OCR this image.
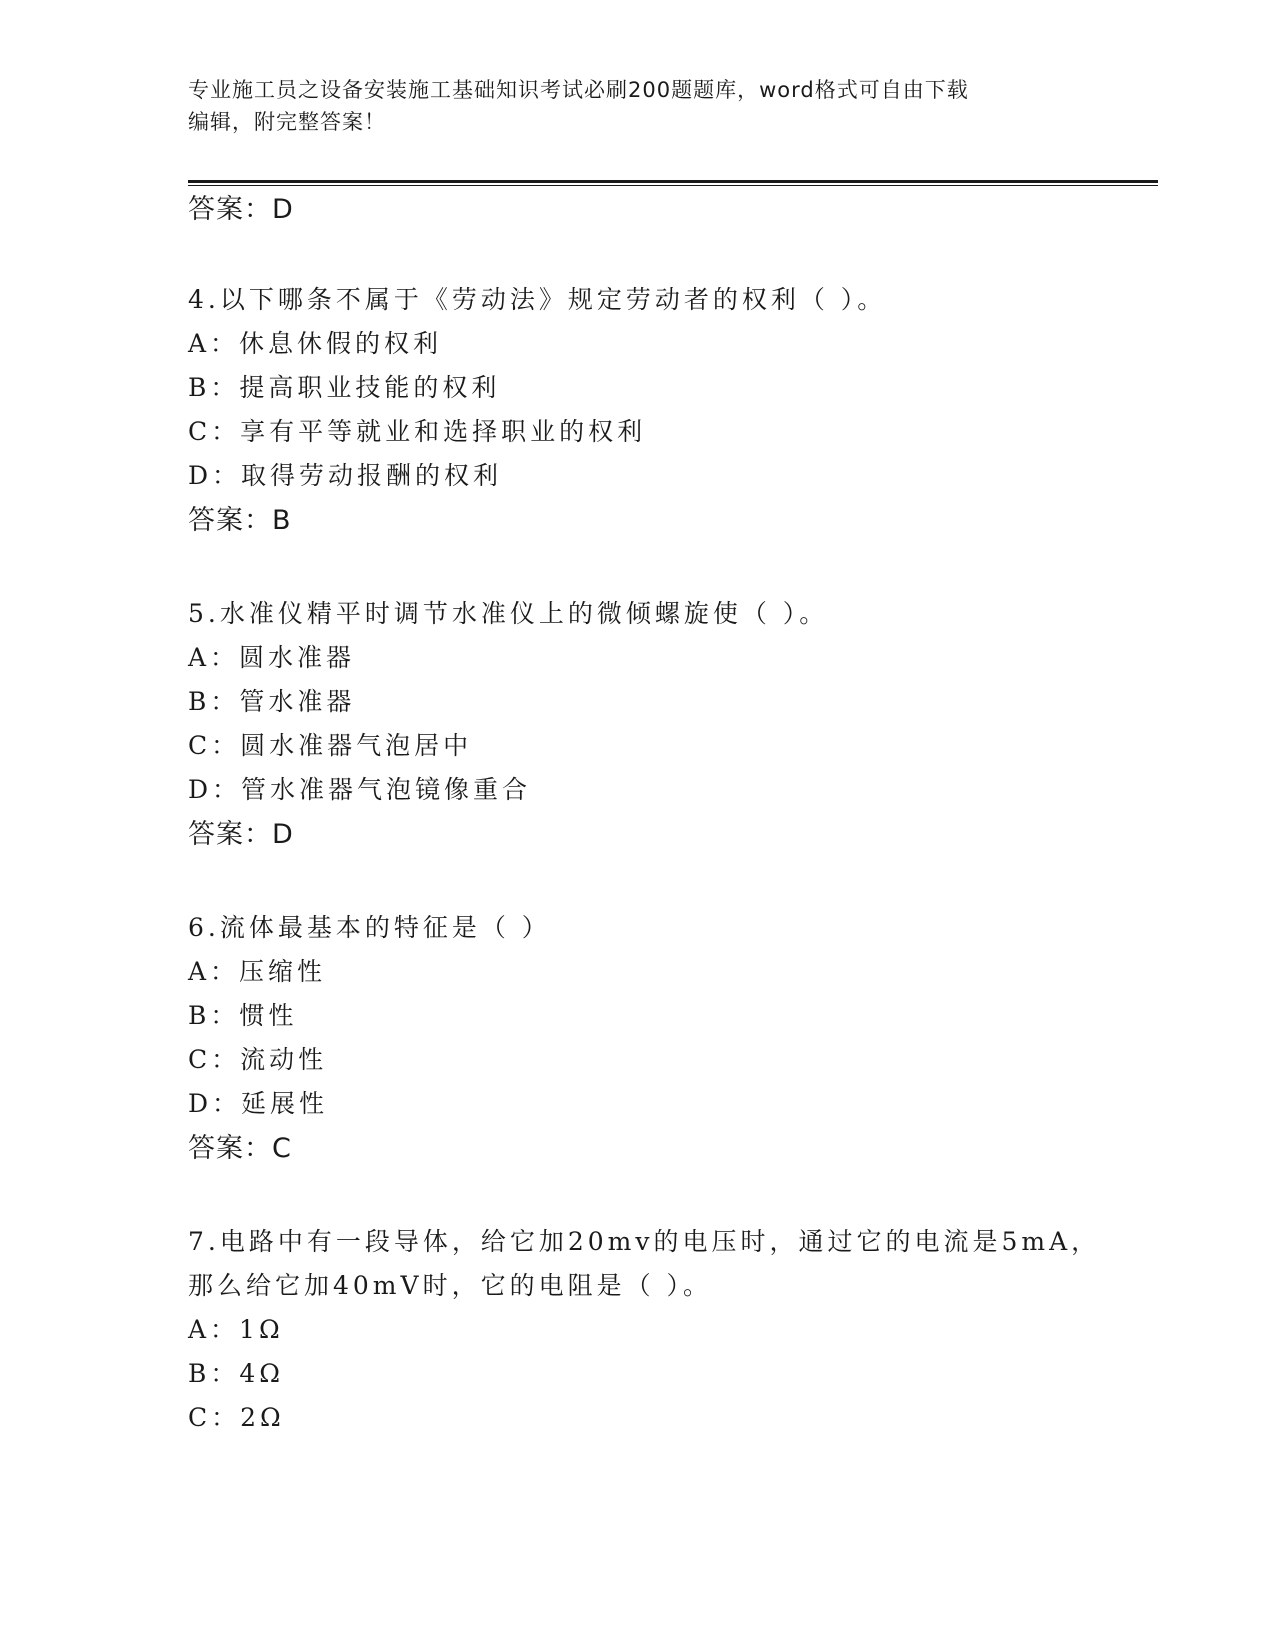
专业施工员之设备安装施工基础知识考试必刷200题题库，word格式可自由下载
编辑，附完整答案！
答案：D
4.以下哪条不属于《劳动法》规定劳动者的权利（ ）。
A：休息休假的权利
B：提高职业技能的权利
C：享有平等就业和选择职业的权利
D：取得劳动报酬的权利
答案：B
5.水准仪精平时调节水准仪上的微倾螺旋使（ ）。
A：圆水准器
B：管水准器
C：圆水准器气泡居中
D：管水准器气泡镜像重合
答案：D
6.流体最基本的特征是（ ）
A：压缩性
B：惯性
C：流动性
D：延展性
答案：C
7.电路中有一段导体，给它加20mv的电压时，通过它的电流是5mA，
那么给它加40mV时，它的电阻是（ ）。
A：1Ω
B：4Ω
C：2Ω
